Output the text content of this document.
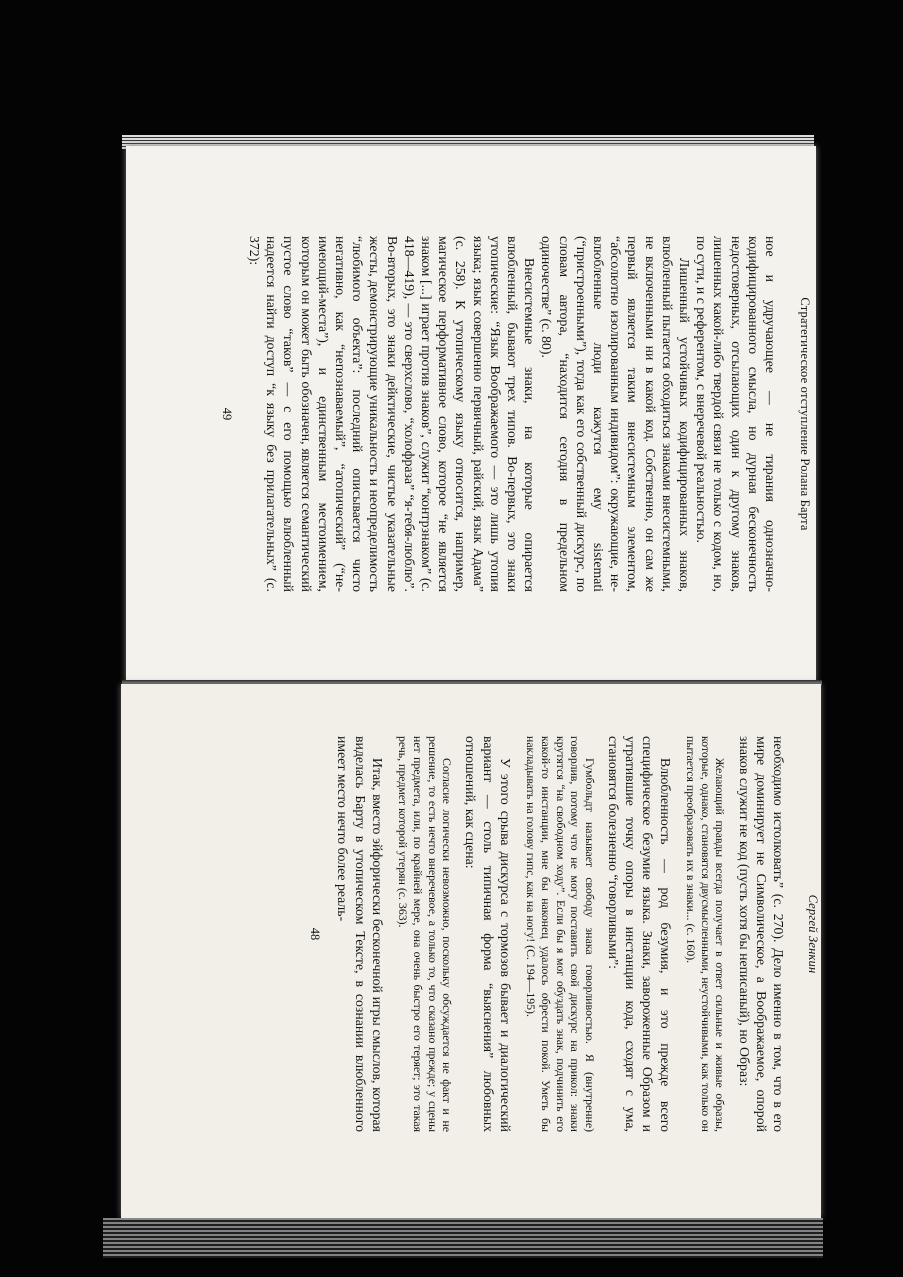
Стратегическое отступление Ролана Барта

ное и удручающее — не тирания однозначно-кодифицированного смысла, но дурная бесконечность недостоверных, отсылающих один к другому знаков, лишенных какой-либо твердой связи не только с кодом, но, по сути, и с референтом, с внеречевой реальностью.

Лишенный устойчивых кодифицированных знаков, влюбленный пытается обходиться знаками внесистемными, не включенными ни в какой код. Собственно, он сам же первый является таким внесистемным элементом, “абсолютно изолированным индивидом”: окружающие, не-влюбленные люди кажутся ему sistemati (“пристроенными”), тогда как его собственный дискурс, по словам автора, “находится сегодня в предельном одиночестве” (с. 80).

Внесистемные знаки, на которые опирается влюбленный, бывают трех типов. Во-первых, это знаки утопические: “Язык Воображаемого — это лишь утопия языка; язык совершенно первичный, райский, язык Адама” (с. 258). К утопическому языку относится, например, магическое перформативное слово, которое “не является знаком [...] играет против знаков”, служит “контрзнаком” (с. 418—419), — это сверхслово, “холофраза” “я-тебя-люблю”. Во-вторых, это знаки дейктические, чистые указательные жесты, демонстрирующие уникальность и неопределимость “любимого объекта”: последний описывается чисто негативно, как “непознаваемый”, “атопический” (“не-имеющий-места”), и единственным местоимением, которым он может быть обозначен, является семантический пустое слово “таков” — с его помощью влюбленный надеется найти доступ “к языку без прилагательных” (с. 372):

49
Сергей Зенкин

необходимо истолковать” (с. 270). Дело именно в том, что в его мире доминирует не Символическое, а Воображаемое, опорой знаков служит не код (пусть хотя бы неписаный), но Образ:

Желающий правды всегда получает в ответ сильные и живые образы, которые, однако, становятся двусмысленными, неустойчивыми, как только он пытается преобразовать их в знаки... (с. 160).

Влюбленность — род безумия, и это прежде всего специфическое безумие языка. Знаки, завороженные Образом и утратившие точку опоры в инстанции кода, сходят с ума, становятся болезненно “говорливыми”:

Гумбольдт называет свободу знака говорливостью. Я (внутренне) говорлив, потому что не могу поставить свой дискурс на прикол: знаки крутятся “на свободном ходу”. Если бы я мог обуздать знак, подчинить его какой-то инстанции, мне бы наконец удалось обрести покой. Уметь бы накладывать на голову гипс, как на ногу! (С. 194—195).

У этого срыва дискурса с тормозов бывает и диалогический вариант — столь типичная форма “выяснения” любовных отношений, как сцена:

Согласие логически невозможно, поскольку обсуждается не факт и не решение, то есть нечто внеречевое, а только то, что сказано прежде; у сцены нет предмета, или, по крайней мере, она очень быстро его теряет; это такая речь, предмет которой утерян (с. 363).

Итак, вместо эйфорически бесконечной игры смыслов, которая виделась Барту в утопическом Тексте, в сознании влюбленного имеет место нечто более реаль-

48
